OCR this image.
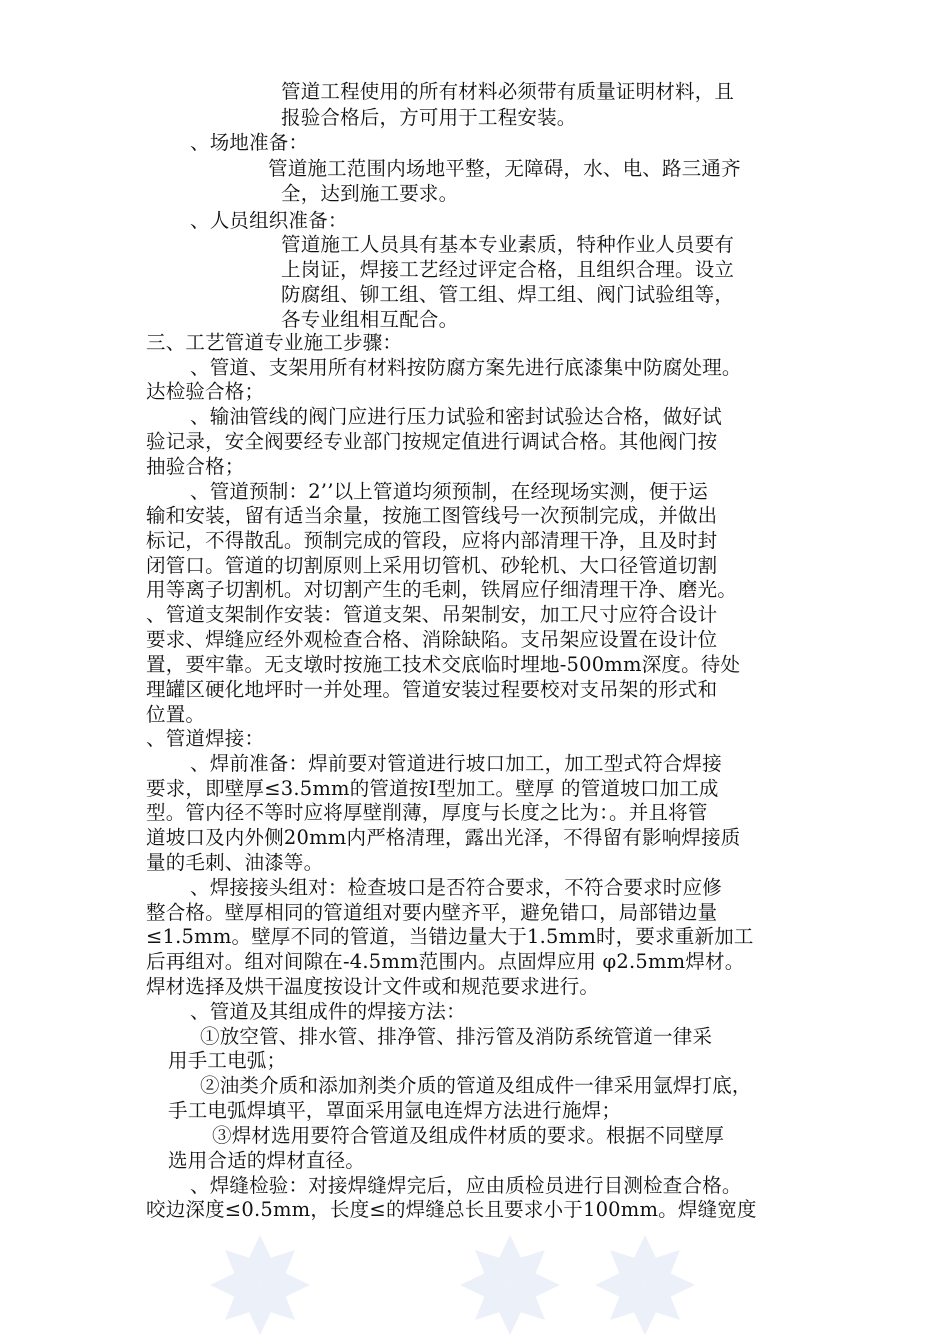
管道工程使用的所有材料必须带有质量证明材料，且
报验合格后，方可用于工程安装。
、场地准备：
管道施工范围内场地平整，无障碍，水、电、路三通齐
全，达到施工要求。
、人员组织准备：
管道施工人员具有基本专业素质，特种作业人员要有
上岗证，焊接工艺经过评定合格，且组织合理。设立
防腐组、铆工组、管工组、焊工组、阀门试验组等，
各专业组相互配合。
三、工艺管道专业施工步骤：
、管道、支架用所有材料按防腐方案先进行底漆集中防腐处理。
达检验合格；
、输油管线的阀门应进行压力试验和密封试验达合格，做好试
验记录，安全阀要经专业部门按规定值进行调试合格。其他阀门按
抽验合格；
、管道预制：2’’以上管道均须预制，在经现场实测，便于运
输和安装，留有适当余量，按施工图管线号一次预制完成，并做出
标记，不得散乱。预制完成的管段，应将内部清理干净，且及时封
闭管口。管道的切割原则上采用切管机、砂轮机、大口径管道切割
用等离子切割机。对切割产生的毛刺，铁屑应仔细清理干净、磨光。
、管道支架制作安装：管道支架、吊架制安，加工尺寸应符合设计
要求、焊缝应经外观检查合格、消除缺陷。支吊架应设置在设计位
置，要牢靠。无支墩时按施工技术交底临时埋地-500mm深度。待处
理罐区硬化地坪时一并处理。管道安装过程要校对支吊架的形式和
位置。
、管道焊接：
、焊前准备：焊前要对管道进行坡口加工，加工型式符合焊接
要求，即壁厚≤3.5mm的管道按Ⅰ型加工。壁厚 的管道坡口加工成
型。管内径不等时应将厚壁削薄，厚度与长度之比为：。并且将管
道坡口及内外侧20mm内严格清理，露出光泽，不得留有影响焊接质
量的毛刺、油漆等。
、焊接接头组对：检查坡口是否符合要求，不符合要求时应修
整合格。壁厚相同的管道组对要内壁齐平，避免错口，局部错边量
≤1.5mm。壁厚不同的管道，当错边量大于1.5mm时，要求重新加工
后再组对。组对间隙在-4.5mm范围内。点固焊应用 φ2.5mm焊材。
焊材选择及烘干温度按设计文件或和规范要求进行。
、管道及其组成件的焊接方法：
①放空管、排水管、排净管、排污管及消防系统管道一律采
用手工电弧；
②油类介质和添加剂类介质的管道及组成件一律采用氩焊打底，
手工电弧焊填平，罩面采用氩电连焊方法进行施焊；
③焊材选用要符合管道及组成件材质的要求。根据不同壁厚
选用合适的焊材直径。
、焊缝检验：对接焊缝焊完后，应由质检员进行目测检查合格。
咬边深度≤0.5mm，长度≤的焊缝总长且要求小于100mm。焊缝宽度
